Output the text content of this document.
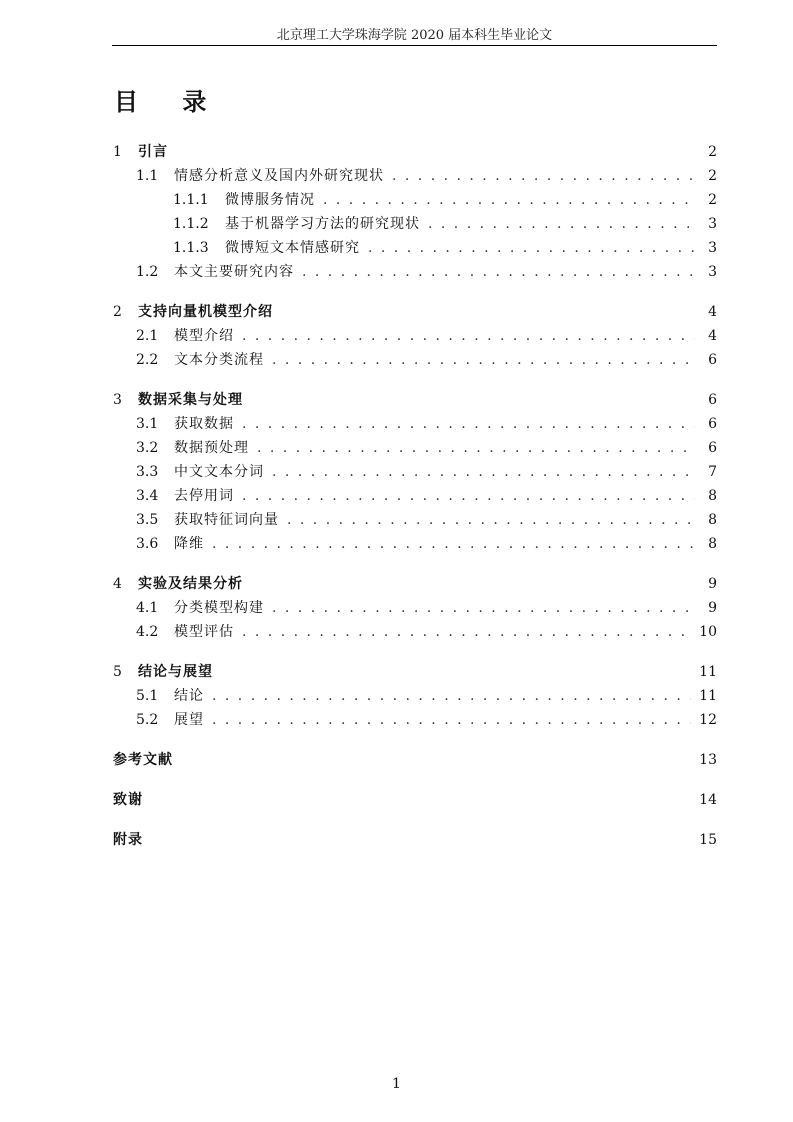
北京理工大学珠海学院 2020 届本科生毕业论文
目 录
1	引言	2
1.1	情感分析意义及国内外研究现状 . . .	2
1.1.1	微博服务情况 . . .	2
1.1.2	基于机器学习方法的研究现状 . . .	3
1.1.3	微博短文本情感研究 . . .	3
1.2	本文主要研究内容 . . .	3
2	支持向量机模型介绍	4
2.1	模型介绍 . . .	4
2.2	文本分类流程 . . .	6
3	数据采集与处理	6
3.1	获取数据 . . .	6
3.2	数据预处理 . . .	6
3.3	中文文本分词 . . .	7
3.4	去停用词 . . .	8
3.5	获取特征词向量 . . .	8
3.6	降维 . . .	8
4	实验及结果分析	9
4.1	分类模型构建 . . .	9
4.2	模型评估 . . .	10
5	结论与展望	11
5.1	结论 . . .	11
5.2	展望 . . .	12
参考文献	13
致谢	14
附录	15
1
